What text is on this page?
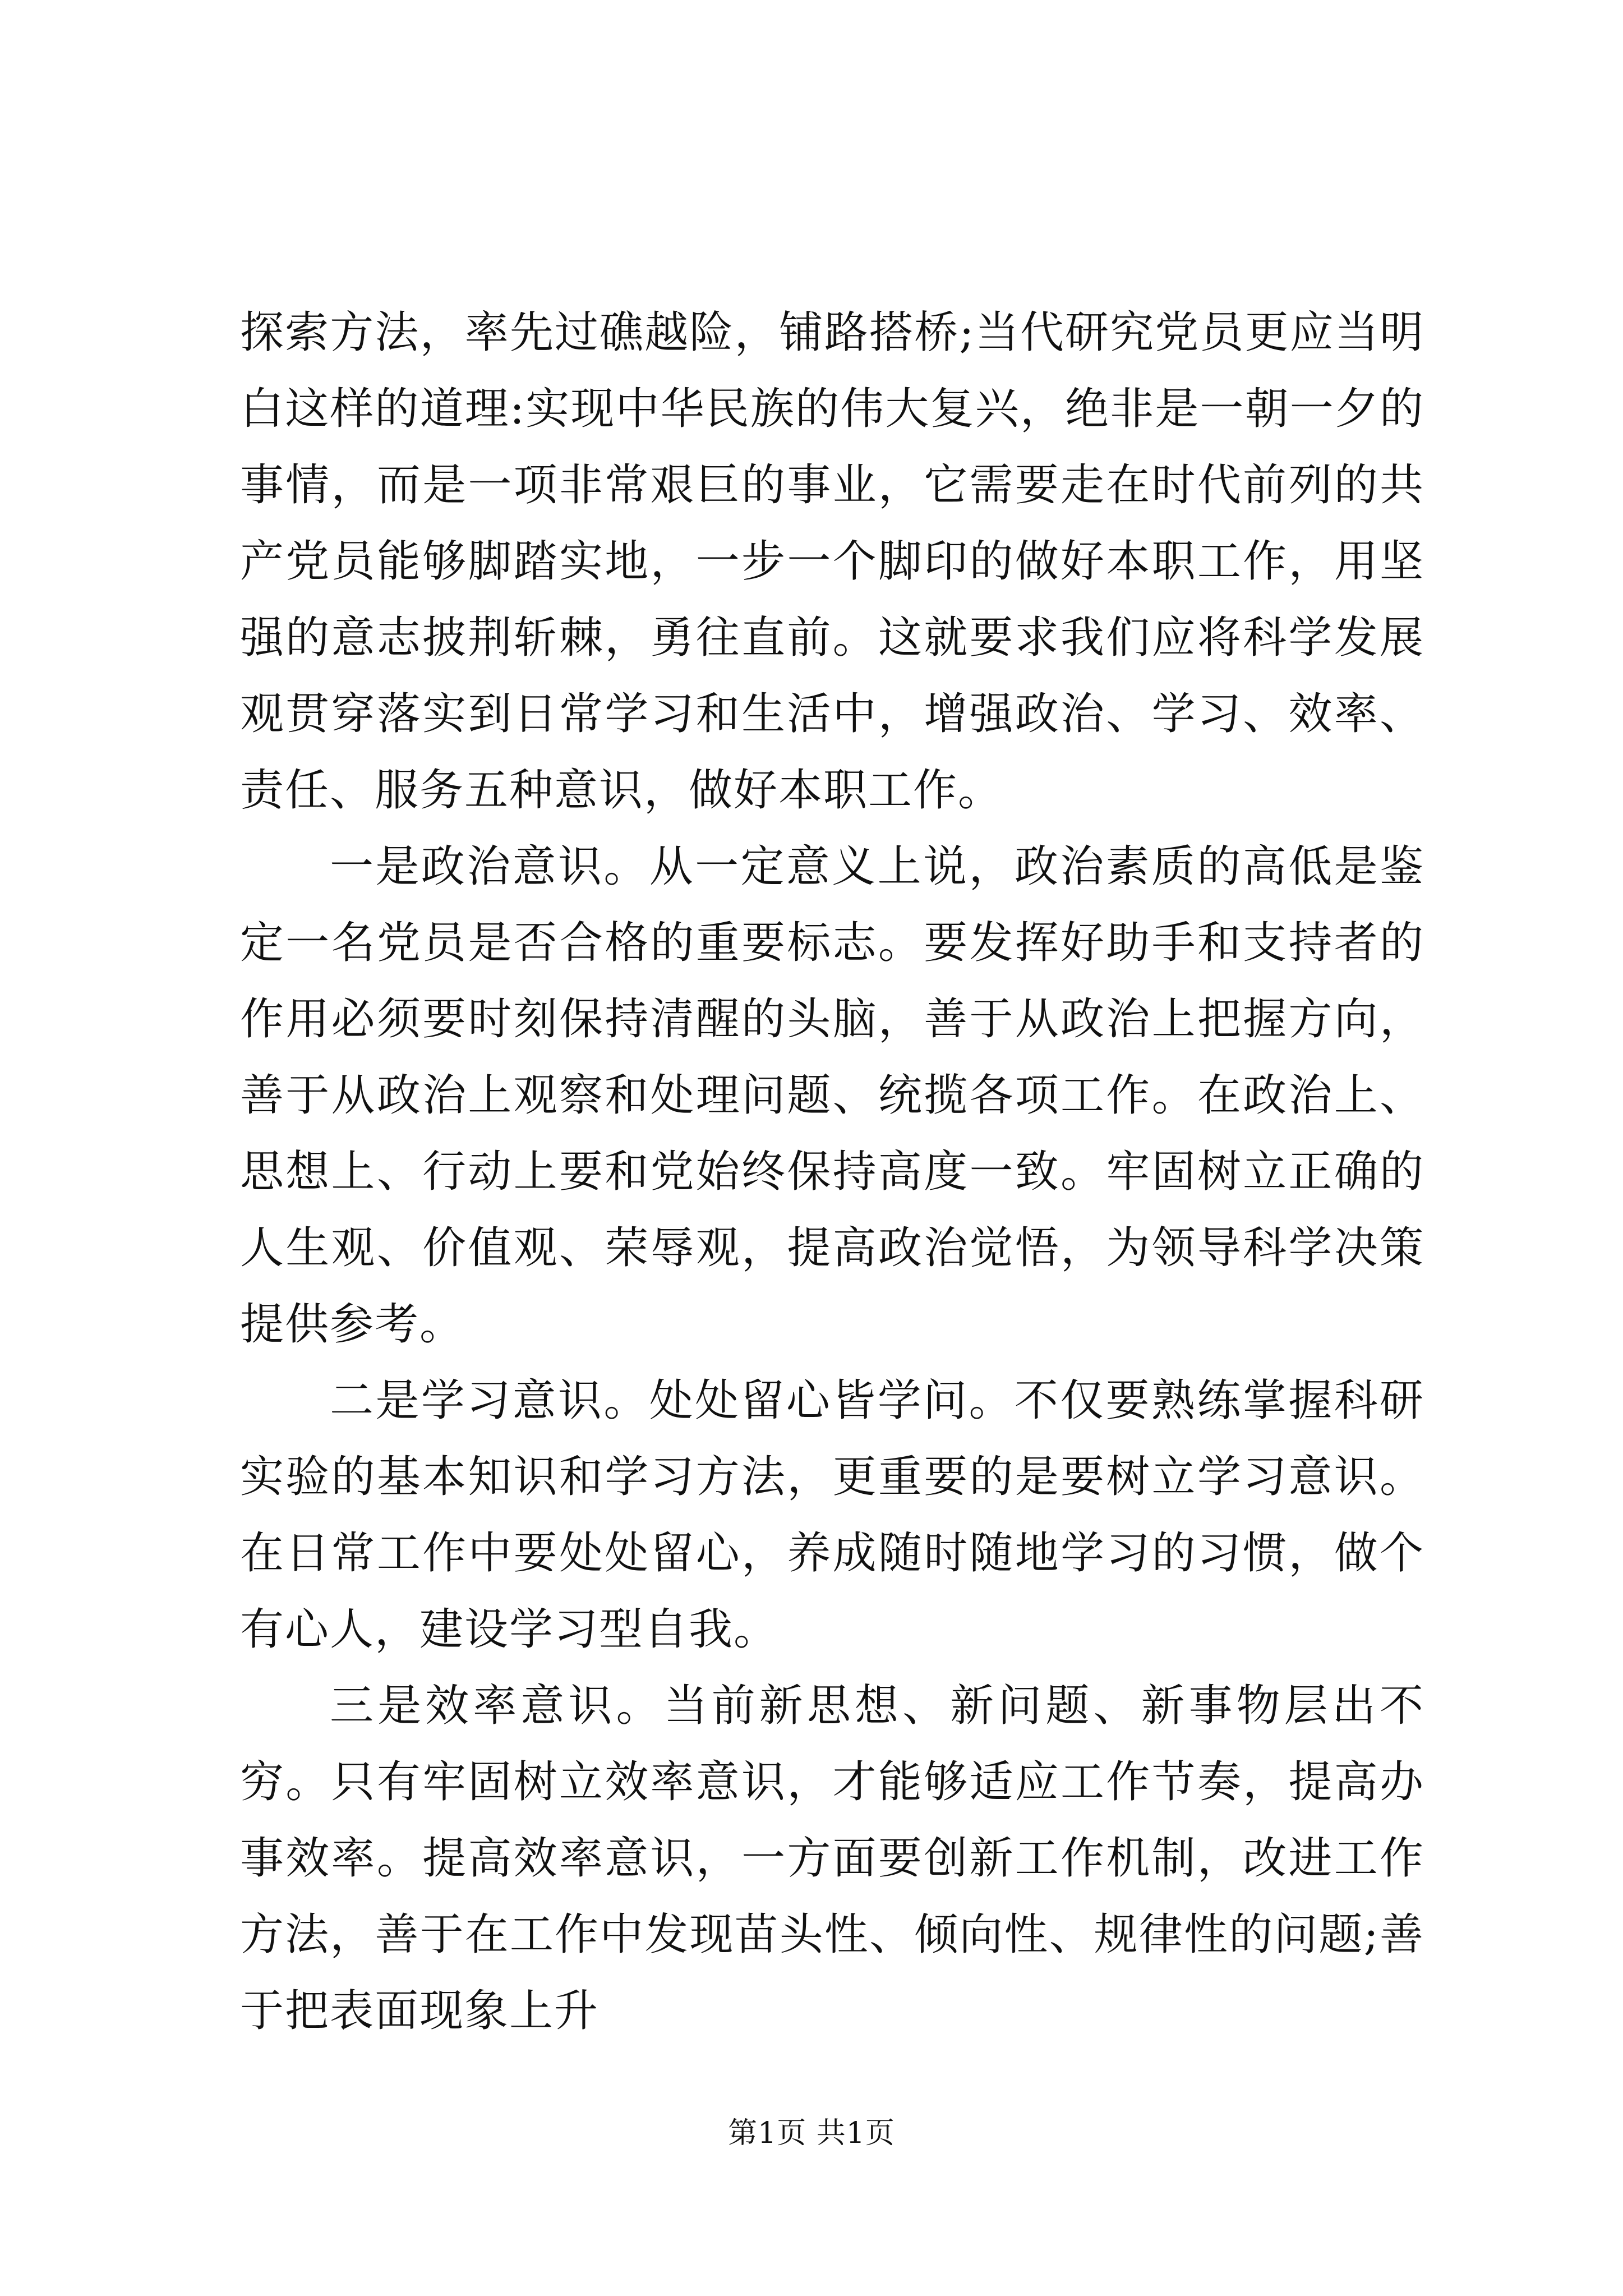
探索方法，率先过礁越险，铺路搭桥;当代研究党员更应当明白这样的道理:实现中华民族的伟大复兴，绝非是一朝一夕的事情，而是一项非常艰巨的事业，它需要走在时代前列的共产党员能够脚踏实地，一步一个脚印的做好本职工作，用坚强的意志披荆斩棘，勇往直前。这就要求我们应将科学发展观贯穿落实到日常学习和生活中，增强政治、学习、效率、责任、服务五种意识，做好本职工作。

一是政治意识。从一定意义上说，政治素质的高低是鉴定一名党员是否合格的重要标志。要发挥好助手和支持者的作用必须要时刻保持清醒的头脑，善于从政治上把握方向，善于从政治上观察和处理问题、统揽各项工作。在政治上、思想上、行动上要和党始终保持高度一致。牢固树立正确的人生观、价值观、荣辱观，提高政治觉悟，为领导科学决策提供参考。

二是学习意识。处处留心皆学问。不仅要熟练掌握科研实验的基本知识和学习方法，更重要的是要树立学习意识。在日常工作中要处处留心，养成随时随地学习的习惯，做个有心人，建设学习型自我。

三是效率意识。当前新思想、新问题、新事物层出不穷。只有牢固树立效率意识，才能够适应工作节奏，提高办事效率。提高效率意识，一方面要创新工作机制，改进工作方法，善于在工作中发现苗头性、倾向性、规律性的问题;善于把表面现象上升

第1页 共1页
